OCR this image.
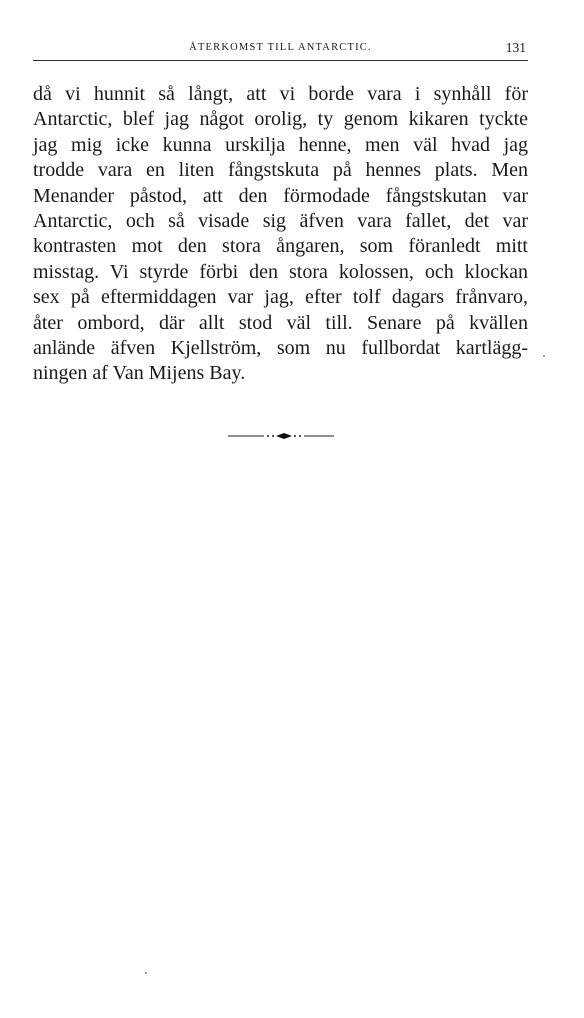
ÅTERKOMST TILL ANTARCTIC.	131
då vi hunnit så långt, att vi borde vara i synhåll för
Antarctic, blef jag något orolig, ty genom kikaren tyckte
jag mig icke kunna urskilja henne, men väl hvad jag
trodde vara en liten fångstskuta på hennes plats. Men
Menander påstod, att den förmodade fångstskutan var
Antarctic, och så visade sig äfven vara fallet, det var
kontrasten mot den stora ångaren, som föranledt mitt
misstag. Vi styrde förbi den stora kolossen, och klockan
sex på eftermiddagen var jag, efter tolf dagars frånvaro,
åter ombord, där allt stod väl till. Senare på kvällen
anlände äfven Kjellström, som nu fullbordat kartlägg-
ningen af Van Mijens Bay.
